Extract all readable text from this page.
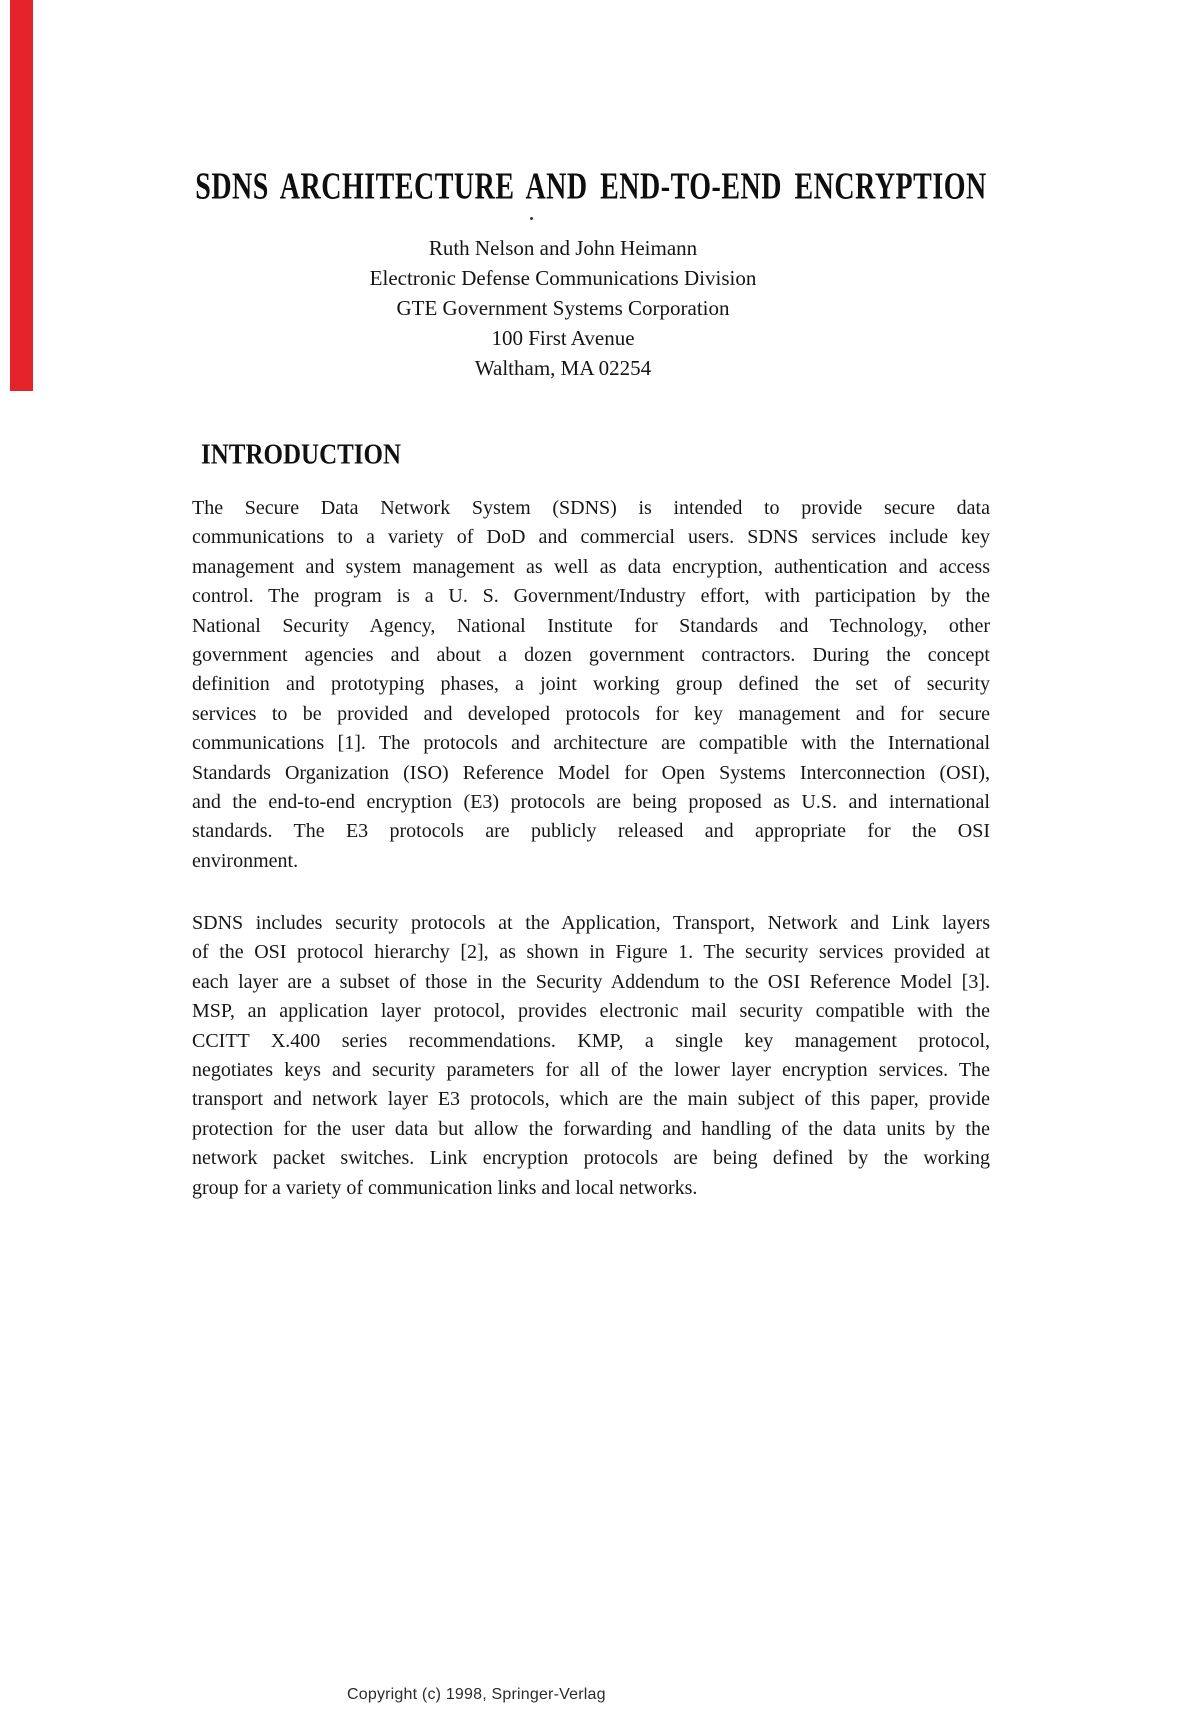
SDNS ARCHITECTURE AND END-TO-END ENCRYPTION
Ruth Nelson and John Heimann
Electronic Defense Communications Division
GTE Government Systems Corporation
100 First Avenue
Waltham, MA 02254
INTRODUCTION
The Secure Data Network System (SDNS) is intended to provide secure data
communications to a variety of DoD and commercial users. SDNS services include key
management and system management as well as data encryption, authentication and access
control. The program is a U. S. Government/Industry effort, with participation by the
National Security Agency, National Institute for Standards and Technology, other
government agencies and about a dozen government contractors. During the concept
definition and prototyping phases, a joint working group defined the set of security
services to be provided and developed protocols for key management and for secure
communications [1]. The protocols and architecture are compatible with the International
Standards Organization (ISO) Reference Model for Open Systems Interconnection (OSI),
and the end-to-end encryption (E3) protocols are being proposed as U.S. and international
standards. The E3 protocols are publicly released and appropriate for the OSI
environment.
SDNS includes security protocols at the Application, Transport, Network and Link layers
of the OSI protocol hierarchy [2], as shown in Figure 1. The security services provided at
each layer are a subset of those in the Security Addendum to the OSI Reference Model [3].
MSP, an application layer protocol, provides electronic mail security compatible with the
CCITT X.400 series recommendations. KMP, a single key management protocol,
negotiates keys and security parameters for all of the lower layer encryption services. The
transport and network layer E3 protocols, which are the main subject of this paper, provide
protection for the user data but allow the forwarding and handling of the data units by the
network packet switches. Link encryption protocols are being defined by the working
group for a variety of communication links and local networks.
Copyright (c) 1998, Springer-Verlag
